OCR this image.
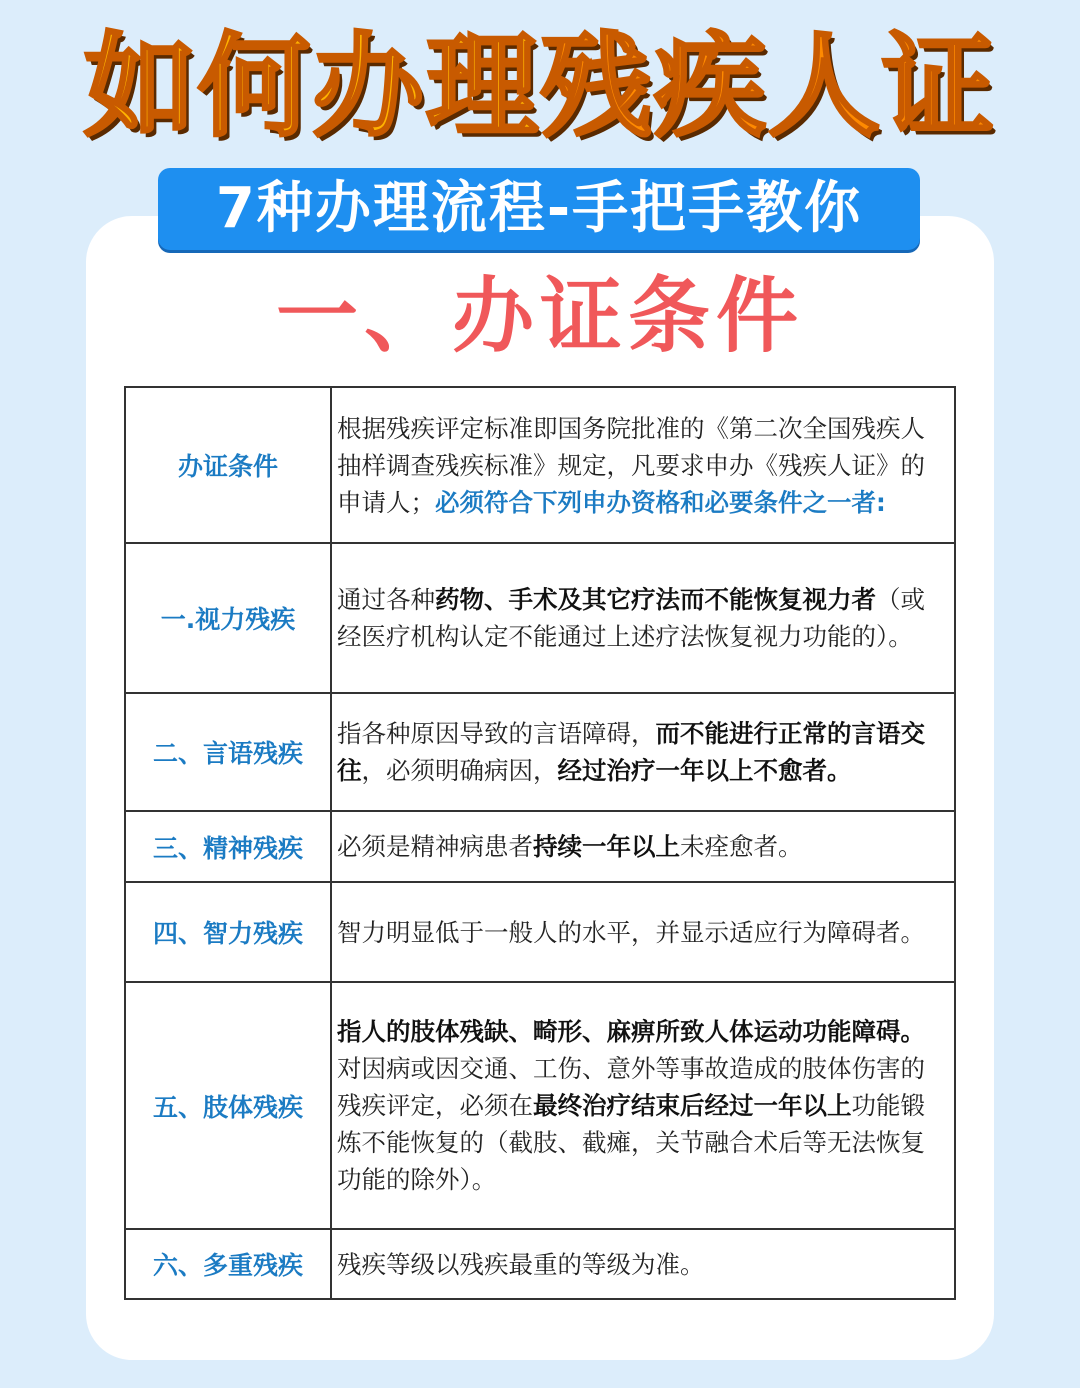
如何办理残疾人证
7种办理流程-手把手教你
一、办证条件
办证条件	根据残疾评定标准即国务院批准的《第二次全国残疾人抽样调查残疾标准》规定，凡要求申办《残疾人证》的申请人；必须符合下列申办资格和必要条件之一者:
一.视力残疾	通过各种药物、手术及其它疗法而不能恢复视力者（或经医疗机构认定不能通过上述疗法恢复视力功能的）。
二、言语残疾	指各种原因导致的言语障碍，而不能进行正常的言语交往，必须明确病因，经过治疗一年以上不愈者。
三、精神残疾	必须是精神病患者持续一年以上未痊愈者。
四、智力残疾	智力明显低于一般人的水平，并显示适应行为障碍者。
五、肢体残疾	指人的肢体残缺、畸形、麻痹所致人体运动功能障碍。对因病或因交通、工伤、意外等事故造成的肢体伤害的残疾评定，必须在最终治疗结束后经过一年以上功能锻炼不能恢复的（截肢、截瘫，关节融合术后等无法恢复功能的除外）。
六、多重残疾	残疾等级以残疾最重的等级为准。
